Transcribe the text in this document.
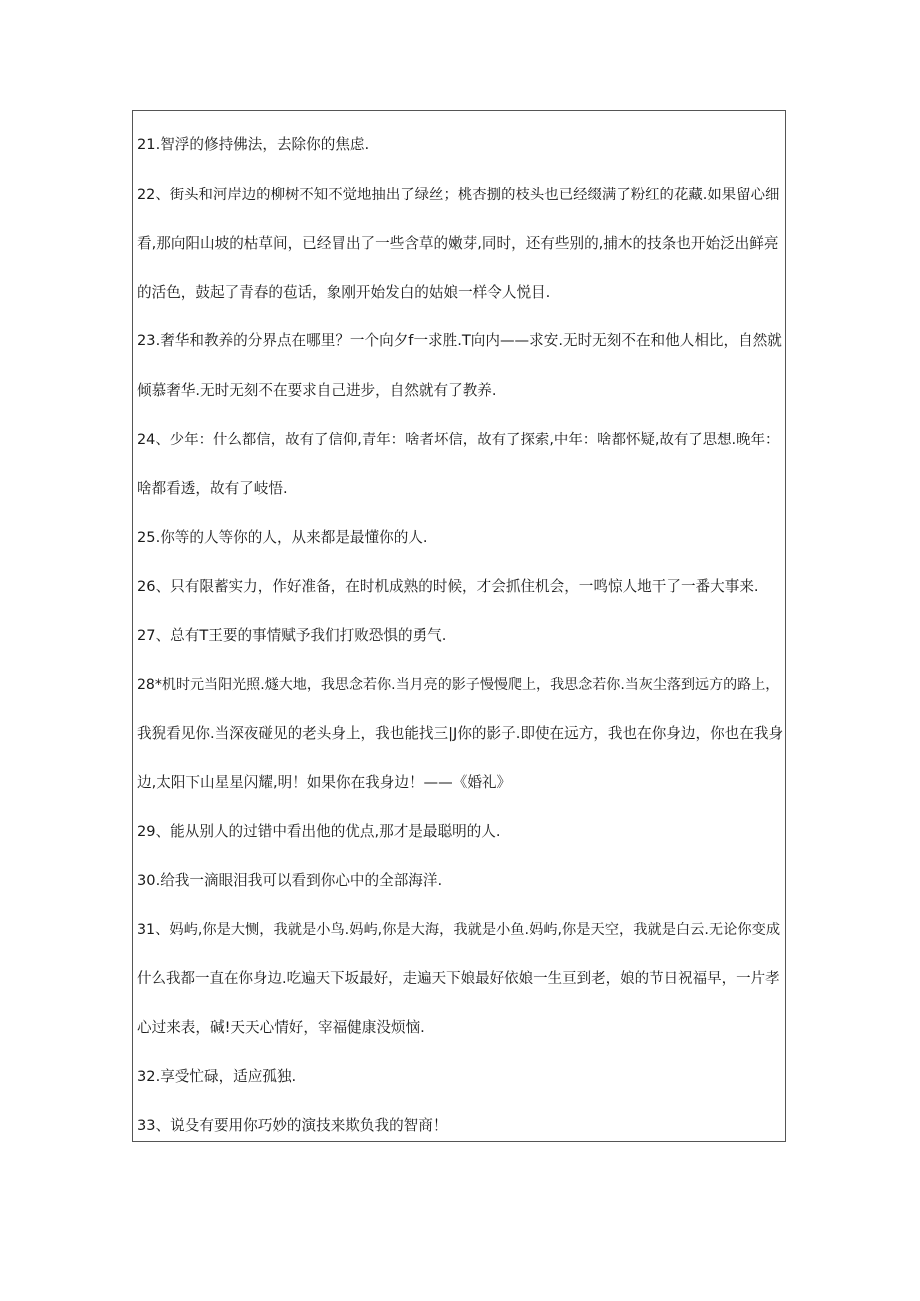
21.智浮的修持佛法，去除你的焦虑.
22、街头和河岸边的柳树不知不觉地抽出了绿丝；桃杏捌的枝头也已经缀满了粉红的花藏.如果留心细
看,那向阳山坡的枯草间，已经冒出了一些含草的嫩芽,同时，还有些别的,捕木的技条也开始泛出鲜亮
的活色，鼓起了青春的苞话，象刚开始发白的姑娘一样令人悦目.
23.奢华和教养的分界点在哪里？一个向夕f一求胜.T向内——求安.无时无刻不在和他人相比，自然就
倾慕奢华.无时无刻不在要求自己进步，自然就有了教养.
24、少年：什么都信，故有了信仰,青年：啥者坏信，故有了探索,中年：啥都怀疑,故有了思想.晚年：
啥都看透，故有了岐悟.
25.你等的人等你的人，从来都是最懂你的人.
26、只有限蓄实力，作好准备，在时机成熟的时候，才会抓住机会，一鸣惊人地干了一番大事来.
27、总有T王要的事情赋予我们打败恐惧的勇气.
28*机时元当阳光照.燧大地，我思念若你.当月亮的影子慢慢爬上，我思念若你.当灰尘落到远方的路上，
我猊看见你.当深夜碰见的老头身上，我也能找三|J你的影子.即使在远方，我也在你身边，你也在我身
边,太阳下山星星闪耀,明！如果你在我身边！——《婚礼》
29、能从别人的过错中看出他的优点,那才是最聪明的人.
30.给我一滴眼泪我可以看到你心中的全部海洋.
31、妈屿,你是大恻，我就是小鸟.妈屿,你是大海，我就是小鱼.妈屿,你是天空，我就是白云.无论你变成
什么我都一直在你身边.吃遍天下坂最好，走遍天下娘最好依娘一生亘到老，娘的节日祝福早，一片孝
心过来表，碱!天天心情好，宰福健康没烦恼.
32.享受忙碌，适应孤独.
33、说殳有要用你巧妙的演技来欺负我的智商！
